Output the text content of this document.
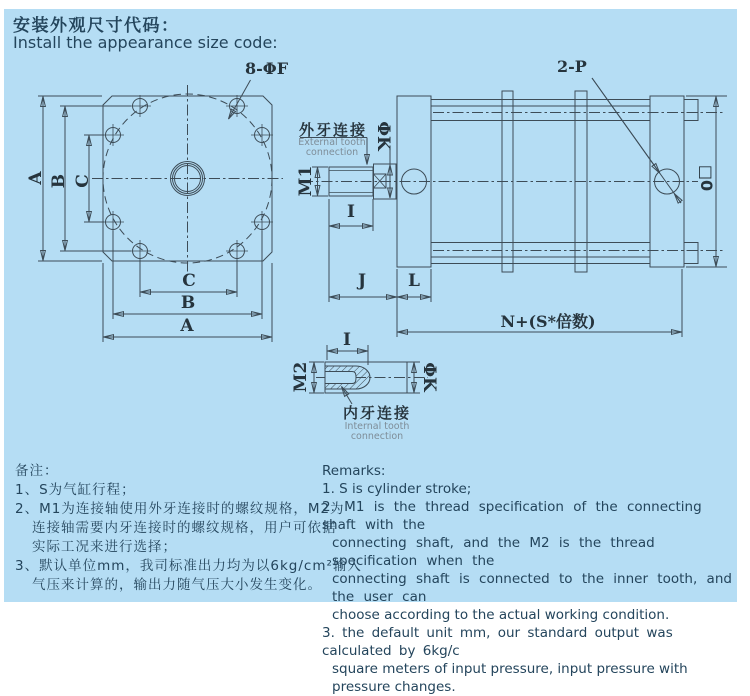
安装外观尺寸代码：
Install the appearance size code:
8-ΦF
A B C
C
B
A
M1
外牙连接
External tooth
connection
ΦK
I
J	L
N+(S*倍数)
2-P
□0
I
M2	ΦK
内牙连接
Internal tooth
connection
备注：
1、S为气缸行程；
2、M1为连接轴使用外牙连接时的螺纹规格，M2为
连接轴需要内牙连接时的螺纹规格，用户可依据
实际工况来进行选择；
3、默认单位mm，我司标准出力均为以6kg/cm²输入
气压来计算的，输出力随气压大小发生变化。
Remarks:
1. S is cylinder stroke;
2. M1 is the thread specification of the connecting shaft with the
connecting shaft, and the M2 is the thread specification when the
connecting shaft is connected to the inner tooth, and the user can
choose according to the actual working condition.
3. the default unit mm, our standard output was calculated by 6kg/c
square meters of input pressure, input pressure with pressure changes.
